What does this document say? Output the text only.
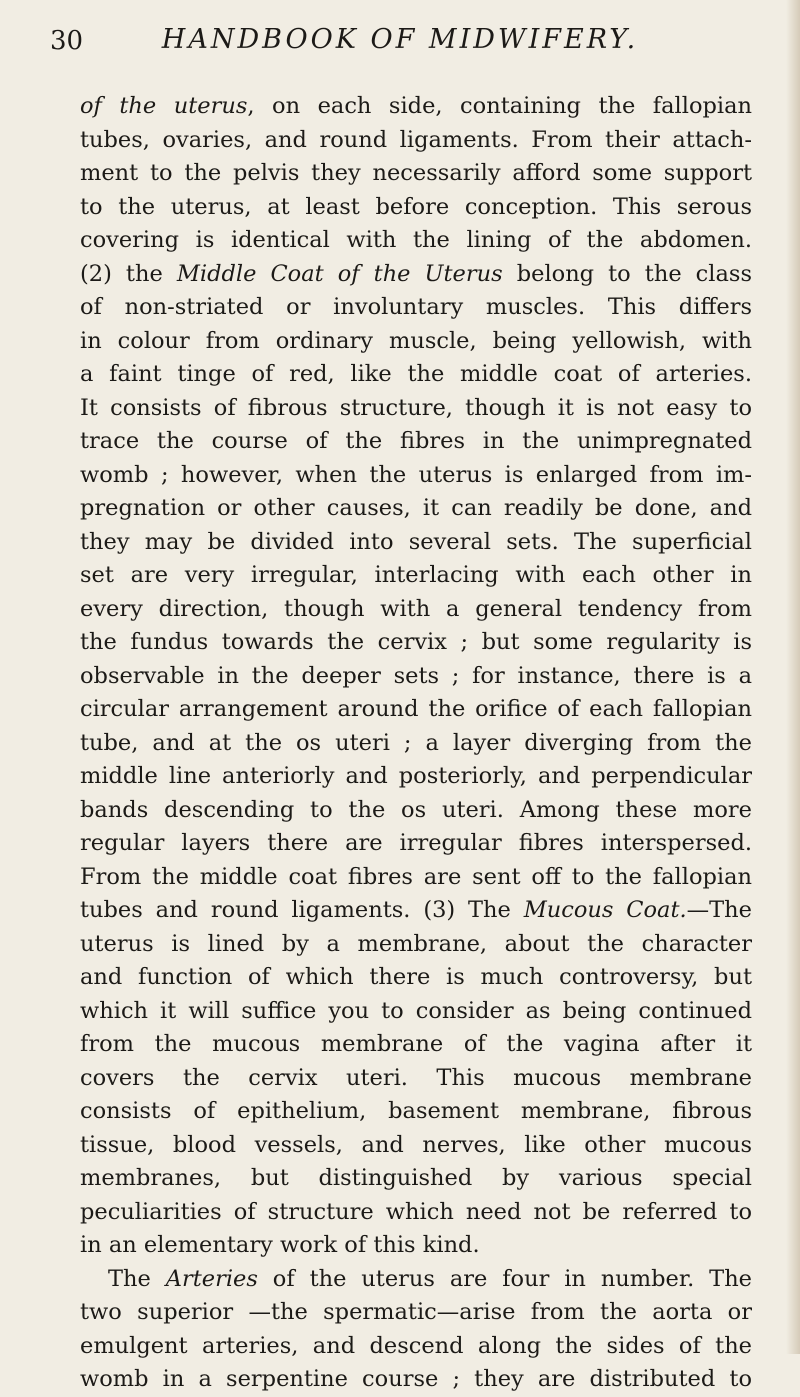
30	HANDBOOK OF MIDWIFERY.
of the uterus, on each side, containing the fallopian
tubes, ovaries, and round ligaments. From their attach-
ment to the pelvis they necessarily afford some support
to the uterus, at least before conception. This serous
covering is identical with the lining of the abdomen.
(2) the Middle Coat of the Uterus belong to the class
of non-striated or involuntary muscles. This differs
in colour from ordinary muscle, being yellowish, with
a faint tinge of red, like the middle coat of arteries.
It consists of fibrous structure, though it is not easy to
trace the course of the fibres in the unimpregnated
womb ; however, when the uterus is enlarged from im-
pregnation or other causes, it can readily be done, and
they may be divided into several sets. The superficial
set are very irregular, interlacing with each other in
every direction, though with a general tendency from
the fundus towards the cervix ; but some regularity is
observable in the deeper sets ; for instance, there is a
circular arrangement around the orifice of each fallopian
tube, and at the os uteri ; a layer diverging from the
middle line anteriorly and posteriorly, and perpendicular
bands descending to the os uteri. Among these more
regular layers there are irregular fibres interspersed.
From the middle coat fibres are sent off to the fallopian
tubes and round ligaments. (3) The Mucous Coat.—The
uterus is lined by a membrane, about the character
and function of which there is much controversy, but
which it will suffice you to consider as being continued
from the mucous membrane of the vagina after it
covers the cervix uteri. This mucous membrane
consists of epithelium, basement membrane, fibrous
tissue, blood vessels, and nerves, like other mucous
membranes, but distinguished by various special
peculiarities of structure which need not be referred to
in an elementary work of this kind.
The Arteries of the uterus are four in number. The
two superior —the spermatic—arise from the aorta or
emulgent arteries, and descend along the sides of the
womb in a serpentine course ; they are distributed to
